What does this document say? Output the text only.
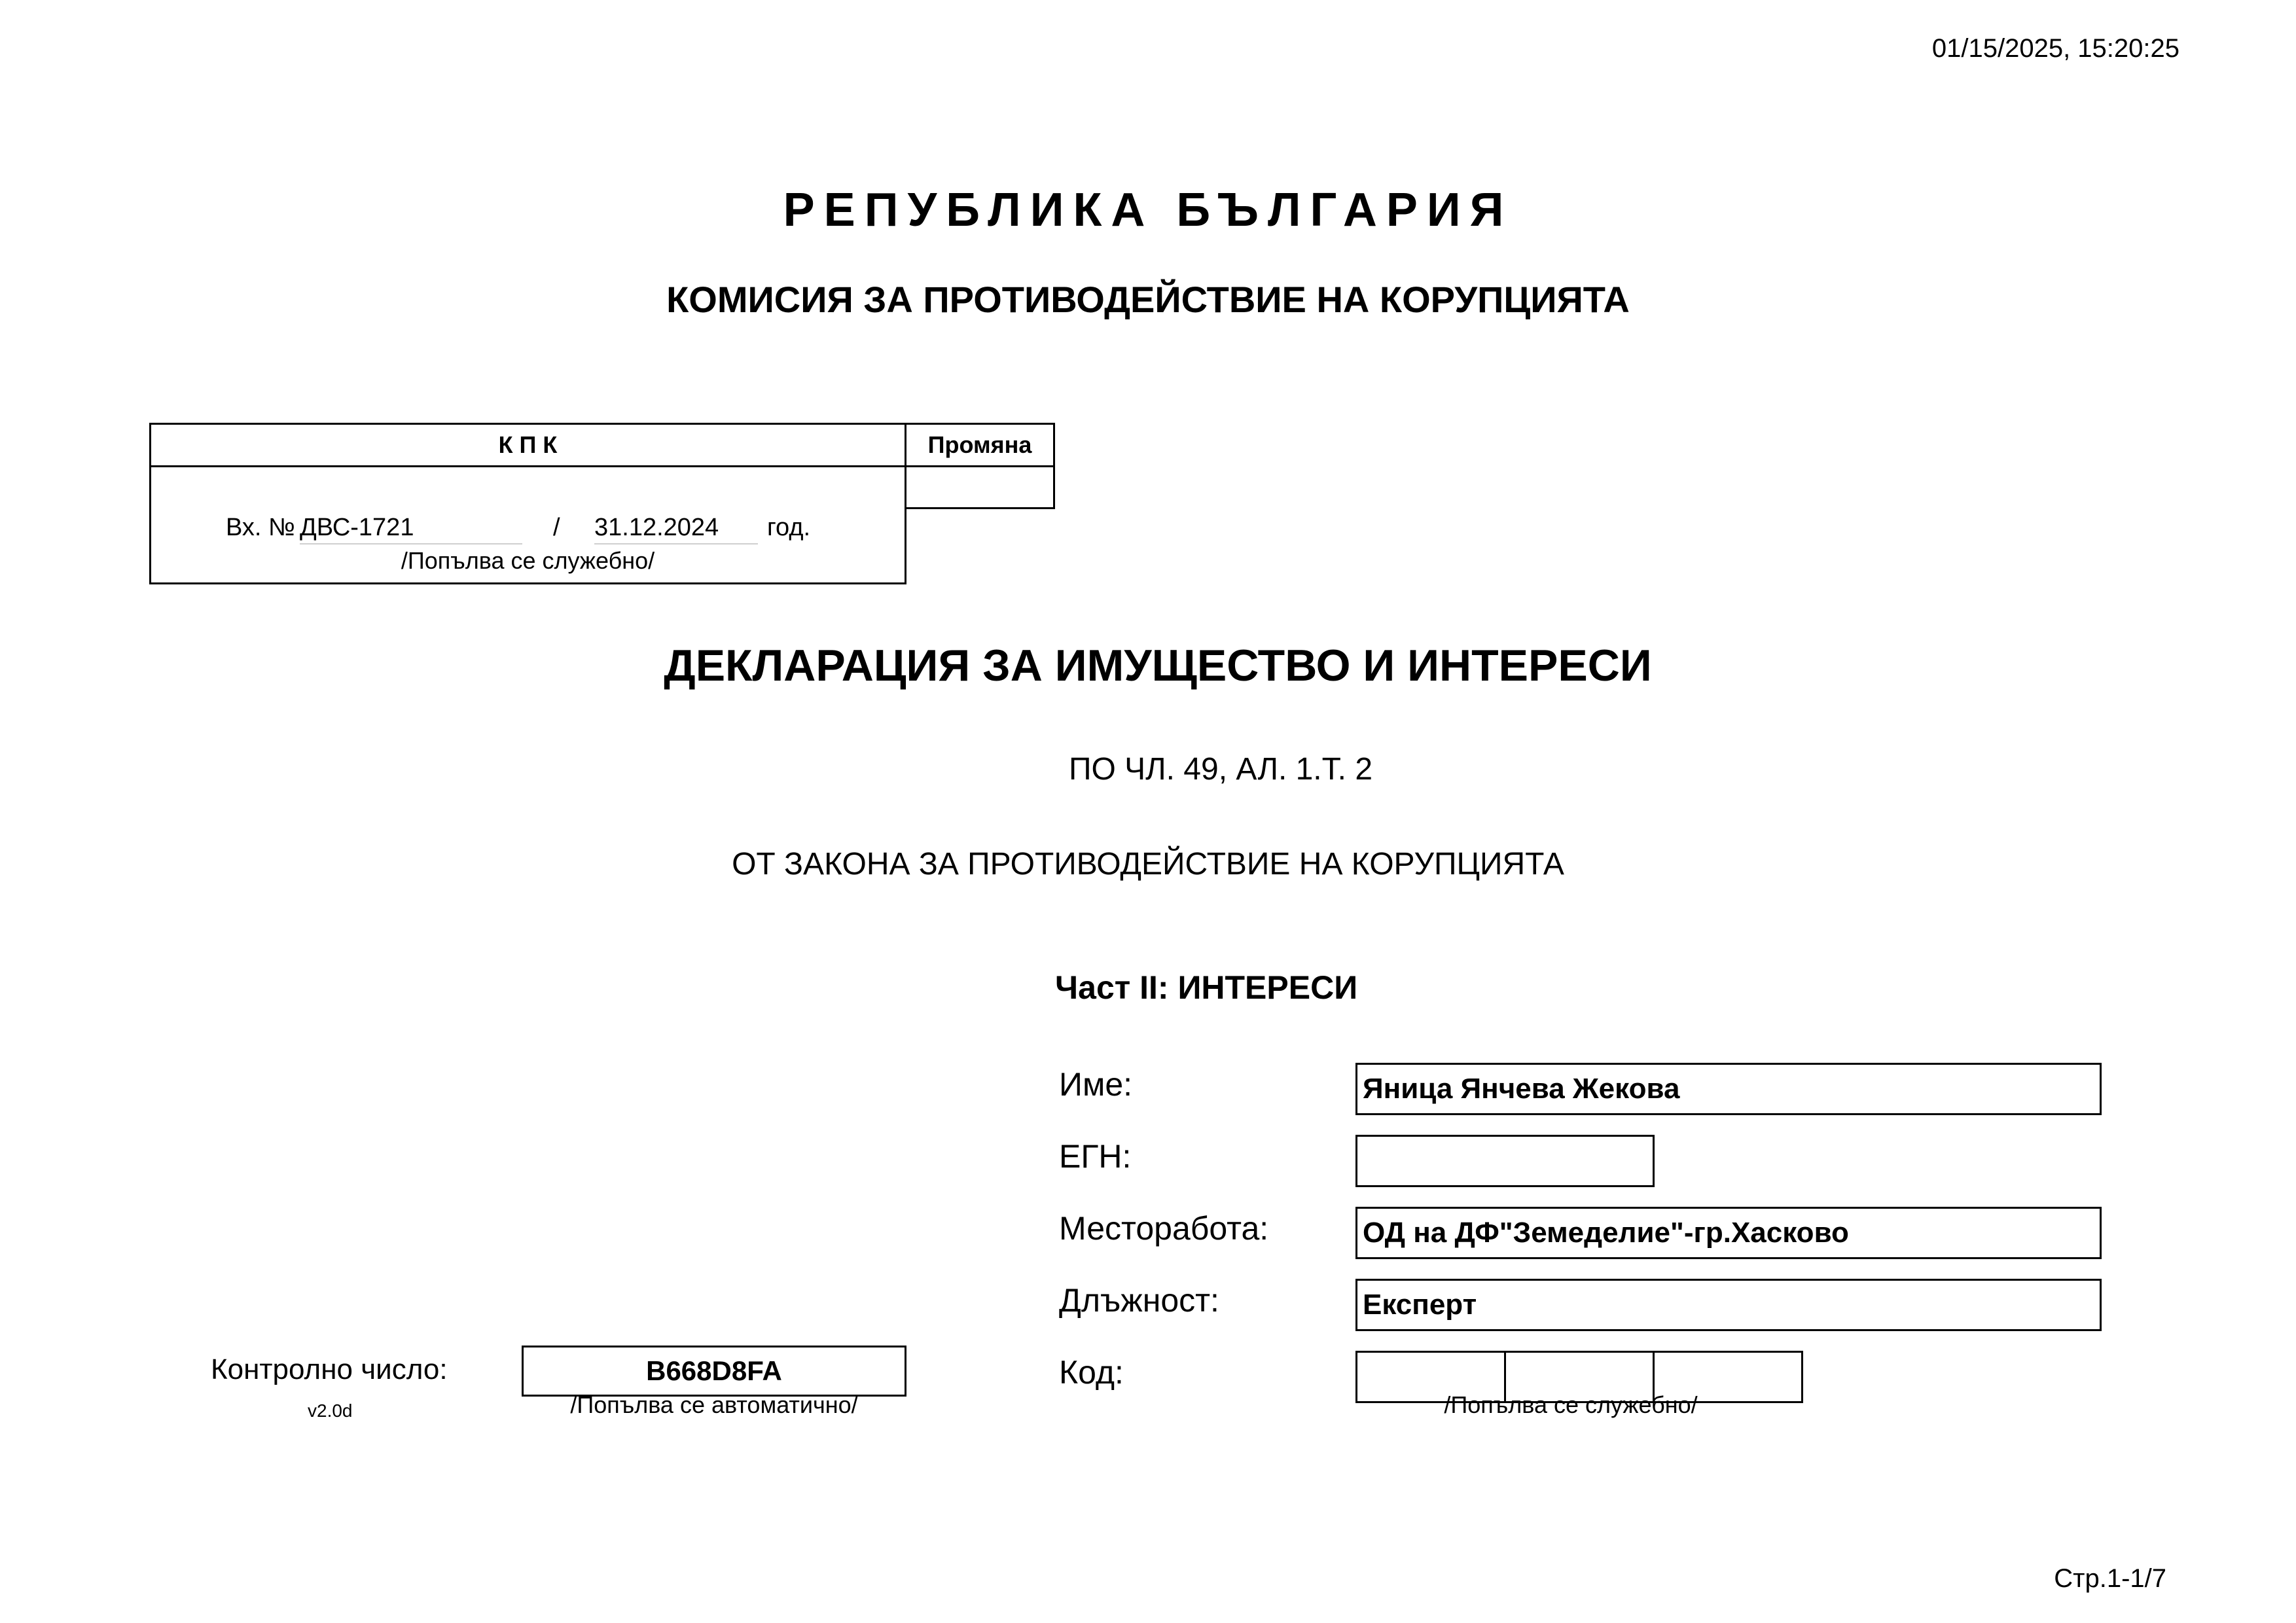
01/15/2025, 15:20:25
РЕПУБЛИКА БЪЛГАРИЯ
КОМИСИЯ ЗА ПРОТИВОДЕЙСТВИЕ НА КОРУПЦИЯТА
К П К	Промяна
Вх. № ДВС-1721	/ 31.12.2024	год.
/Попълва се служебно/
ДЕКЛАРАЦИЯ ЗА ИМУЩЕСТВО И ИНТЕРЕСИ
ПО ЧЛ. 49, АЛ. 1.Т. 2
ОТ ЗАКОНА ЗА ПРОТИВОДЕЙСТВИЕ НА КОРУПЦИЯТА
Част II: ИНТЕРЕСИ
Име:	Яница Янчева Жекова
ЕГН:
Месторабота:	ОД на ДФ"Земеделие"-гр.Хасково
Длъжност:	Експерт
Код:
/Попълва се служебно/
Контролно число:
v2.0d
B668D8FA
/Попълва се автоматично/
Стр.1-1/7
